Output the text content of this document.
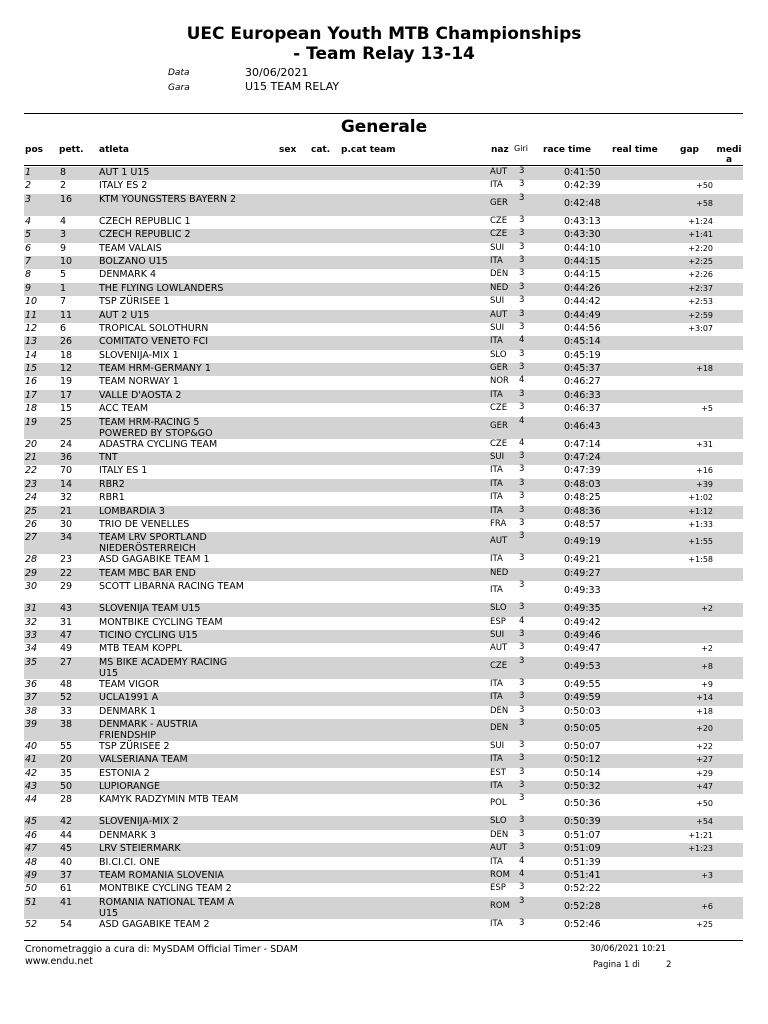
UEC European Youth MTB Championships
- Team Relay 13-14
Data	30/06/2021
Gara	U15 TEAM RELAY
Generale
pos pett. atleta	sex cat. p.cat team	naz Giri race time real time gap medi a
1	8	AUT 1 U15	AUT 3	0:41:50
2	2	ITALY ES 2	ITA 3	0:42:39	+50
3	16	KTM YOUNGSTERS BAYERN 2	GER 3	0:42:48	+58
4	4	CZECH REPUBLIC 1	CZE 3	0:43:13	+1:24
5	3	CZECH REPUBLIC 2	CZE 3	0:43:30	+1:41
6	9	TEAM VALAIS	SUI 3	0:44:10	+2:20
7	10	BOLZANO U15	ITA 3	0:44:15	+2:25
8	5	DENMARK 4	DEN 3	0:44:15	+2:26
9	1	THE FLYING LOWLANDERS	NED 3	0:44:26	+2:37
10 7	TSP ZÜRISEE 1	SUI 3	0:44:42	+2:53
11 11	AUT 2 U15	AUT 3	0:44:49	+2:59
12 6	TROPICAL SOLOTHURN	SUI 3	0:44:56	+3:07
13 26	COMITATO VENETO FCI	ITA 4	0:45:14
14 18	SLOVENIJA-MIX 1	SLO 3	0:45:19
15 12	TEAM HRM-GERMANY 1	GER 3	0:45:37	+18
16 19	TEAM NORWAY 1	NOR 4	0:46:27
17 17	VALLE D'AOSTA 2	ITA 3	0:46:33
18 15	ACC TEAM	CZE 3	0:46:37	+5
19 25	TEAM HRM-RACING 5 POWERED BY STOP&GO
GER 4	0:46:43
20 24	ADASTRA CYCLING TEAM	CZE 4	0:47:14	+31
21 36	TNT	SUI 3	0:47:24
22 70	ITALY ES 1	ITA 3	0:47:39	+16
23 14	RBR2	ITA 3	0:48:03	+39
24 32	RBR1	ITA 3	0:48:25	+1:02
25 21	LOMBARDIA 3	ITA 3	0:48:36	+1:12
26 30	TRIO DE VENELLES	FRA 3	0:48:57	+1:33
27 34	TEAM LRV SPORTLAND NIEDERÖSTERREICH
AUT 3	0:49:19	+1:55
28 23	ASD GAGABIKE TEAM 1	ITA 3	0:49:21	+1:58
29 22	TEAM MBC BAR END	NED	0:49:27
30 29	SCOTT LIBARNA RACING TEAM	ITA 3	0:49:33
31 43	SLOVENIJA TEAM U15	SLO 3	0:49:35	+2
32 31	MONTBIKE CYCLING TEAM	ESP 4	0:49:42
33 47	TICINO CYCLING U15	SUI 3	0:49:46
34 49	MTB TEAM KOPPL	AUT 3	0:49:47	+2
35 27	MS BIKE ACADEMY RACING U15
CZE 3	0:49:53	+8
36 48	TEAM VIGOR	ITA 3	0:49:55	+9
37 52	UCLA1991 A	ITA 3	0:49:59	+14
38 33	DENMARK 1	DEN 3	0:50:03	+18
39 38	DENMARK - AUSTRIA FRIENDSHIP
DEN 3	0:50:05	+20
40 55	TSP ZÜRISEE 2	SUI 3	0:50:07	+22
41 20	VALSERIANA TEAM	ITA 3	0:50:12	+27
42 35	ESTONIA 2	EST 3	0:50:14	+29
43 50	LUPIORANGE	ITA 3	0:50:32	+47
44 28	KAMYK RADZYMIN MTB TEAM	POL 3	0:50:36	+50
45 42	SLOVENIJA-MIX 2	SLO 3	0:50:39	+54
46 44	DENMARK 3	DEN 3	0:51:07	+1:21
47 45	LRV STEIERMARK	AUT 3	0:51:09	+1:23
48 40	BI.CI.CI. ONE	ITA 4	0:51:39
49 37	TEAM ROMANIA SLOVENIA	ROM 4	0:51:41	+3
50 61	MONTBIKE CYCLING TEAM 2	ESP 3	0:52:22
51 41	ROMANIA NATIONAL TEAM A U15
ROM 3	0:52:28	+6
52 54	ASD GAGABIKE TEAM 2	ITA 3	0:52:46	+25
Cronometraggio a cura di: MySDAM Official Timer - SDAM
www.endu.net
30/06/2021 10:21
Pagina 1 di	2
